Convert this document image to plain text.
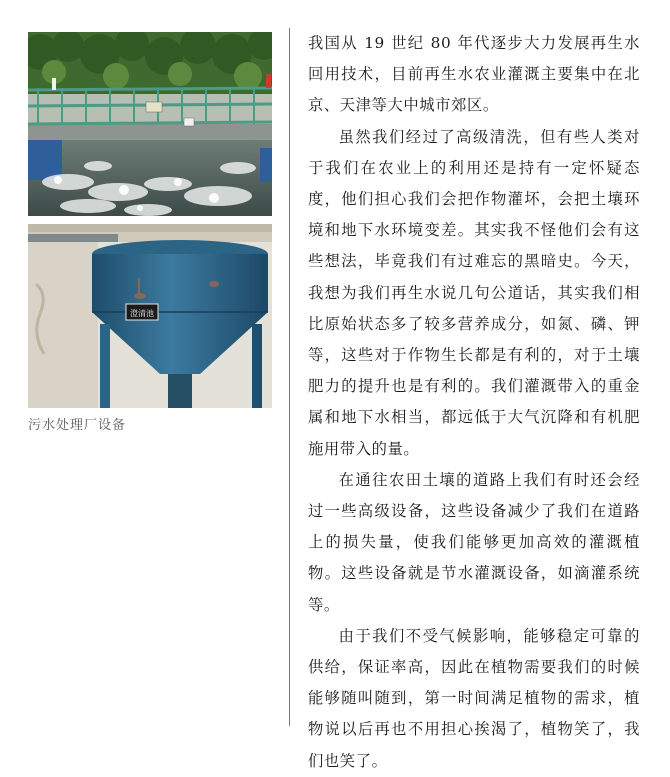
澄清池
污水处理厂设备

我国从 19 世纪 80 年代逐步大力发展再生水回用技术，目前再生水农业灌溉主要集中在北京、天津等大中城市郊区。

虽然我们经过了高级清洗，但有些人类对于我们在农业上的利用还是持有一定怀疑态度，他们担心我们会把作物灌坏，会把土壤环境和地下水环境变差。其实我不怪他们会有这些想法，毕竟我们有过难忘的黑暗史。今天，我想为我们再生水说几句公道话，其实我们相比原始状态多了较多营养成分，如氮、磷、钾等，这些对于作物生长都是有利的，对于土壤肥力的提升也是有利的。我们灌溉带入的重金属和地下水相当，都远低于大气沉降和有机肥施用带入的量。

在通往农田土壤的道路上我们有时还会经过一些高级设备，这些设备减少了我们在道路上的损失量，使我们能够更加高效的灌溉植物。这些设备就是节水灌溉设备，如滴灌系统等。

由于我们不受气候影响，能够稳定可靠的供给，保证率高，因此在植物需要我们的时候能够随叫随到，第一时间满足植物的需求，植物说以后再也不用担心挨渴了，植物笑了，我们也笑了。
